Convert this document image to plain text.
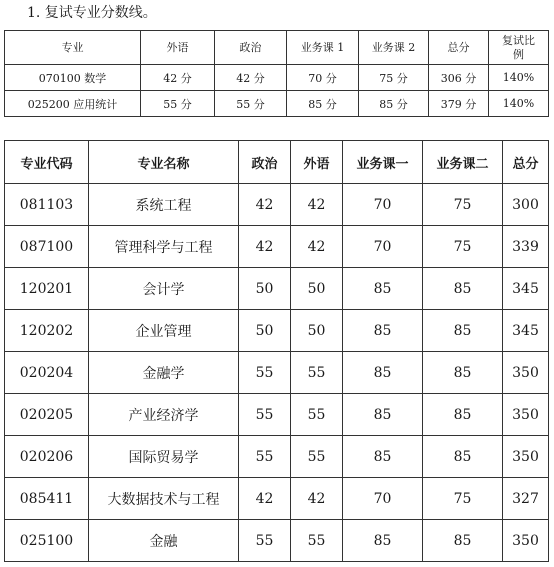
1. 复试专业分数线。
专业	外语	政治	业务课 1	业务课 2	总分	复试比例
070100 数学	42 分	42 分	70 分	75 分	306 分	140%
025200 应用统计	55 分	55 分	85 分	85 分	379 分	140%
专业代码	专业名称	政治	外语	业务课一	业务课二	总分
081103	系统工程	42	42	70	75	300
087100	管理科学与工程	42	42	70	75	339
120201	会计学	50	50	85	85	345
120202	企业管理	50	50	85	85	345
020204	金融学	55	55	85	85	350
020205	产业经济学	55	55	85	85	350
020206	国际贸易学	55	55	85	85	350
085411	大数据技术与工程	42	42	70	75	327
025100	金融	55	55	85	85	350
